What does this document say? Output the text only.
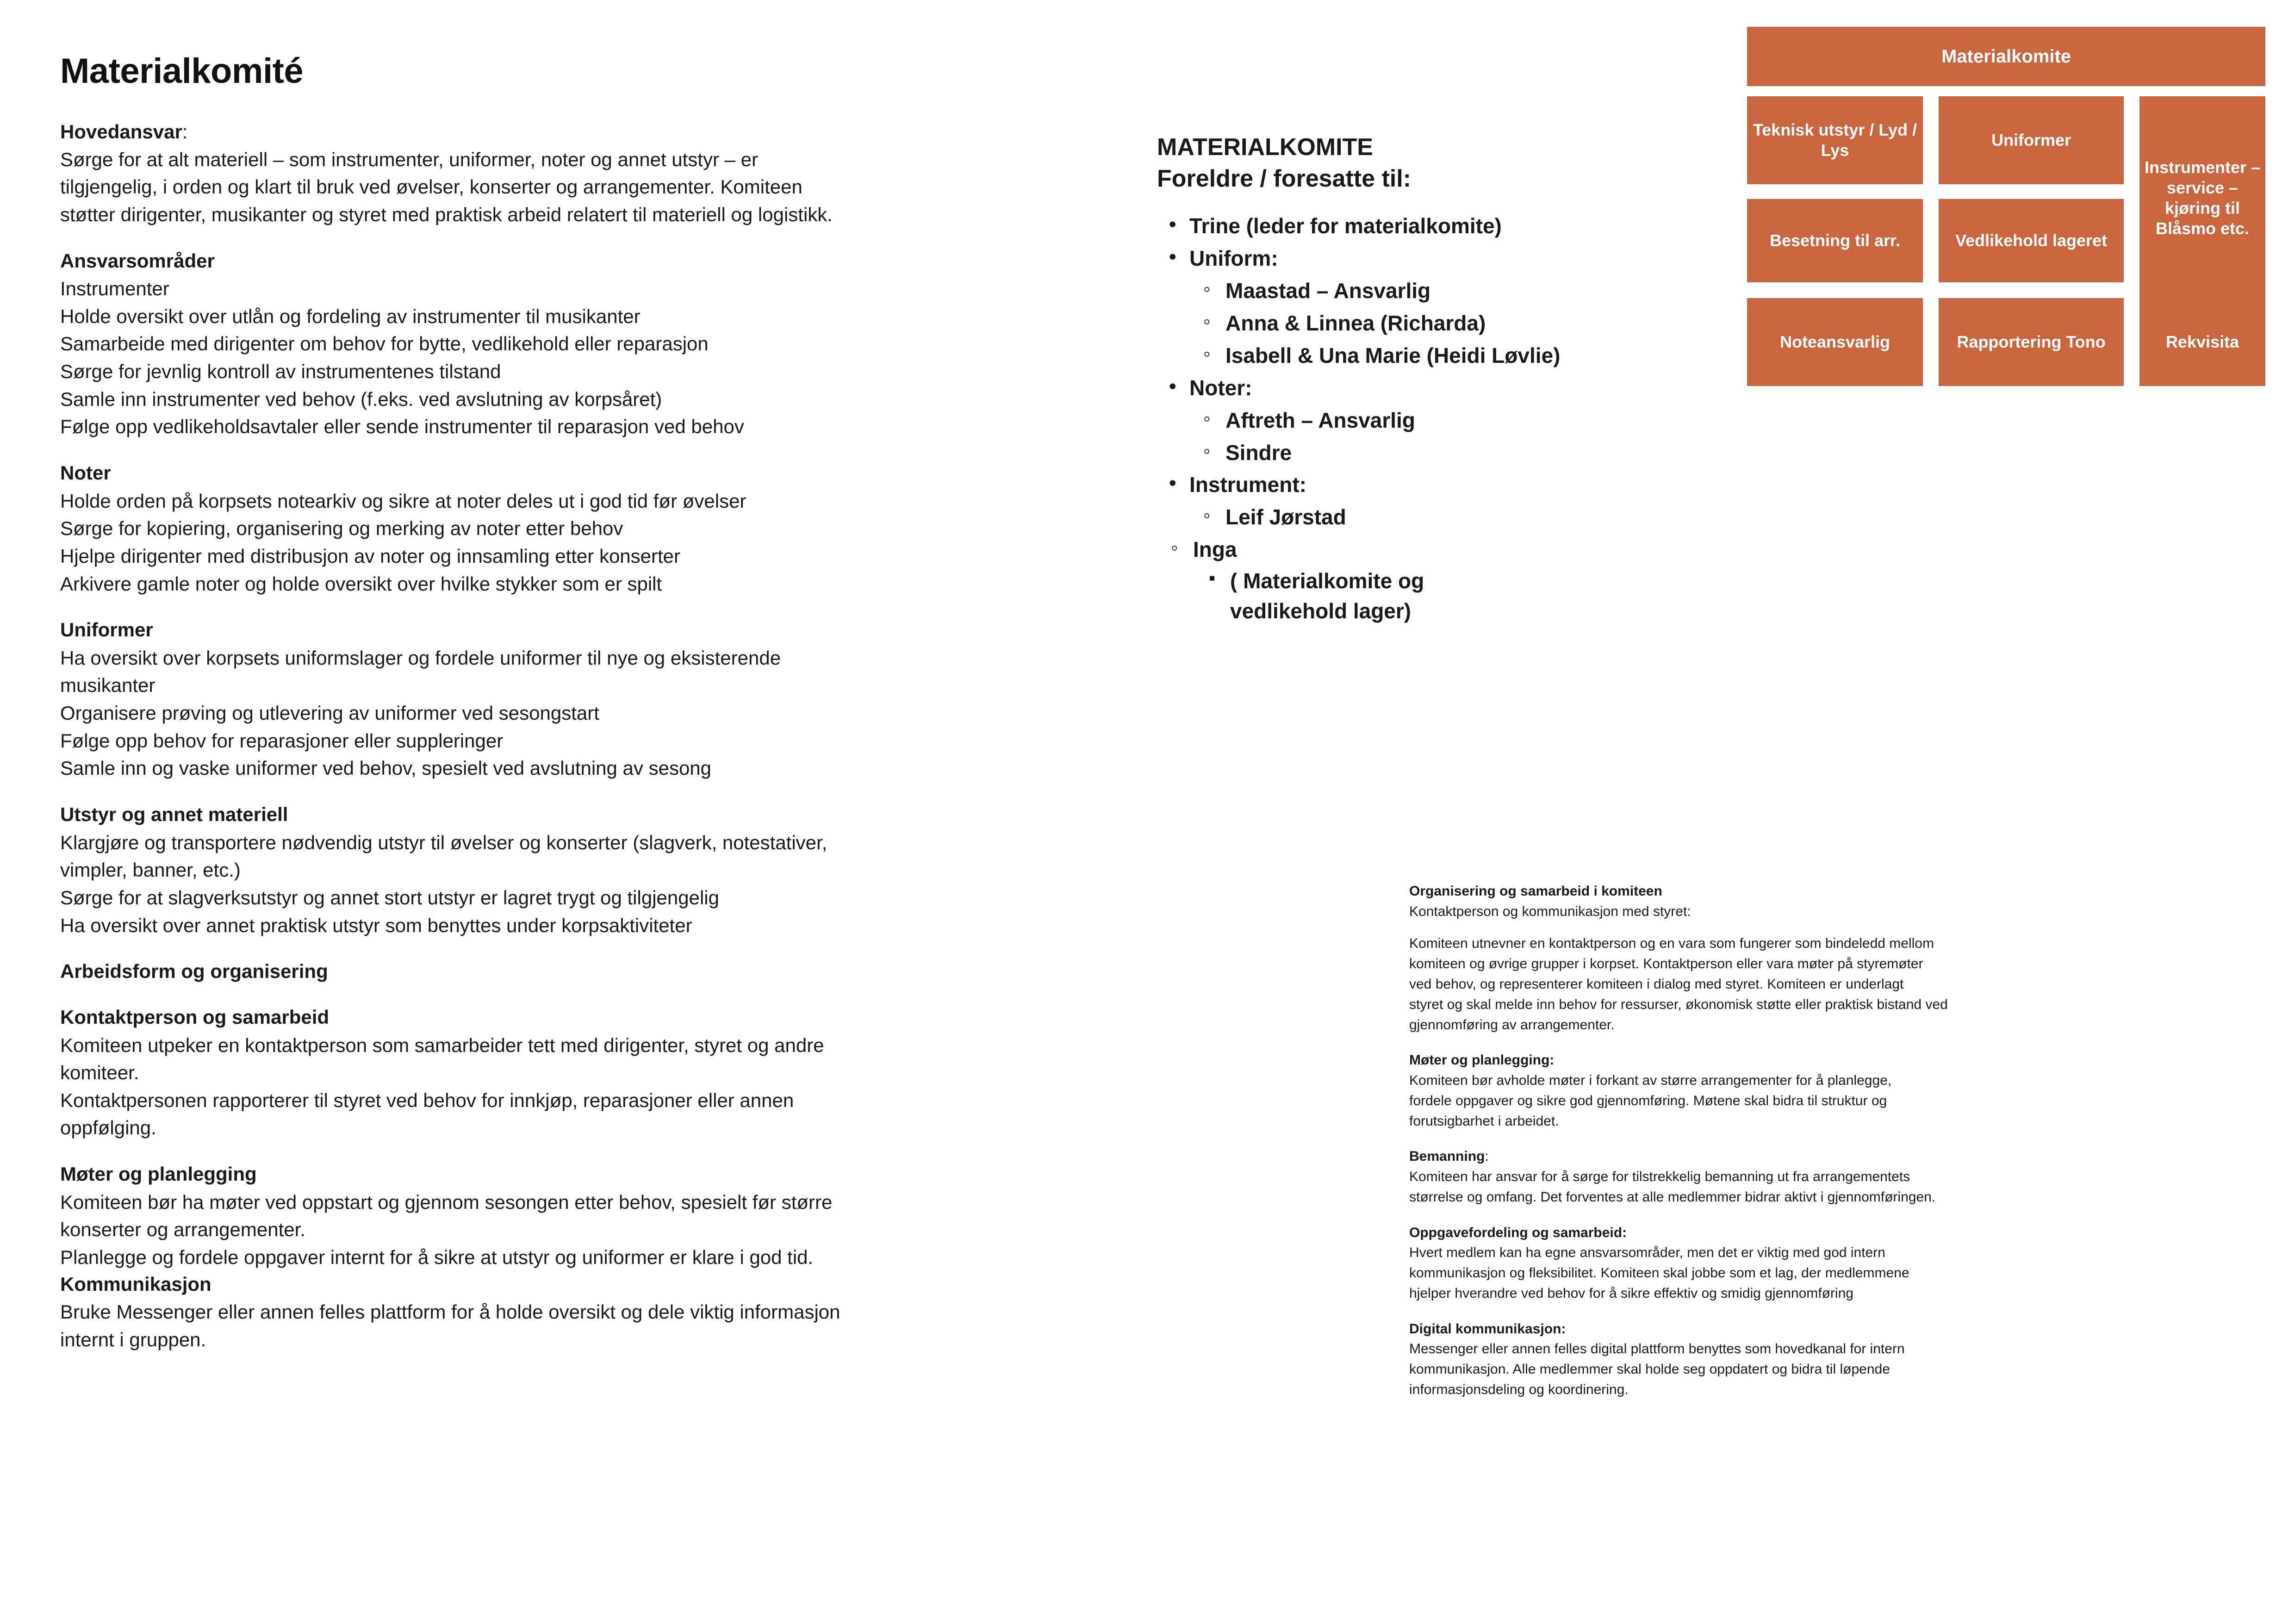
Materialkomité

Hovedansvar:

Sørge for at alt materiell – som instrumenter, uniformer, noter og annet utstyr – er

tilgjengelig, i orden og klart til bruk ved øvelser, konserter og arrangementer. Komiteen

støtter dirigenter, musikanter og styret med praktisk arbeid relatert til materiell og logistikk.

Ansvarsområder

Instrumenter

Holde oversikt over utlån og fordeling av instrumenter til musikanter

Samarbeide med dirigenter om behov for bytte, vedlikehold eller reparasjon

Sørge for jevnlig kontroll av instrumentenes tilstand

Samle inn instrumenter ved behov (f.eks. ved avslutning av korpsåret)

Følge opp vedlikeholdsavtaler eller sende instrumenter til reparasjon ved behov

Noter

Holde orden på korpsets notearkiv og sikre at noter deles ut i god tid før øvelser

Sørge for kopiering, organisering og merking av noter etter behov

Hjelpe dirigenter med distribusjon av noter og innsamling etter konserter

Arkivere gamle noter og holde oversikt over hvilke stykker som er spilt

Uniformer

Ha oversikt over korpsets uniformslager og fordele uniformer til nye og eksisterende

musikanter

Organisere prøving og utlevering av uniformer ved sesongstart

Følge opp behov for reparasjoner eller suppleringer

Samle inn og vaske uniformer ved behov, spesielt ved avslutning av sesong

Utstyr og annet materiell

Klargjøre og transportere nødvendig utstyr til øvelser og konserter (slagverk, notestativer,

vimpler, banner, etc.)

Sørge for at slagverksutstyr og annet stort utstyr er lagret trygt og tilgjengelig

Ha oversikt over annet praktisk utstyr som benyttes under korpsaktiviteter

Arbeidsform og organisering

Kontaktperson og samarbeid

Komiteen utpeker en kontaktperson som samarbeider tett med dirigenter, styret og andre

komiteer.

Kontaktpersonen rapporterer til styret ved behov for innkjøp, reparasjoner eller annen

oppfølging.

Møter og planlegging

Komiteen bør ha møter ved oppstart og gjennom sesongen etter behov, spesielt før større

konserter og arrangementer.

Planlegge og fordele oppgaver internt for å sikre at utstyr og uniformer er klare i god tid.

Kommunikasjon

Bruke Messenger eller annen felles plattform for å holde oversikt og dele viktig informasjon

internt i gruppen.

MATERIALKOMITE

Foreldre / foresatte til:

• Trine (leder for materialkomite)
• Uniform:
◦ Maastad – Ansvarlig
◦ Anna & Linnea (Richarda)
◦ Isabell & Una Marie (Heidi Løvlie)
• Noter:
◦ Aftreth – Ansvarlig
◦ Sindre
• Instrument:
◦ Leif Jørstad
◦ Inga
▪ ( Materialkomite og
vedlikehold lager)
Materialkomite
Teknisk utstyr / Lyd / Lys
Uniformer
Instrumenter – service – kjøring til Blåsmo etc.
Besetning til arr.	Vedlikehold lageret
Noteansvarlig	Rapportering Tono	Rekvisita

Organisering og samarbeid i komiteen

Kontaktperson og kommunikasjon med styret:

Komiteen utnevner en kontaktperson og en vara som fungerer som bindeledd mellom

komiteen og øvrige grupper i korpset. Kontaktperson eller vara møter på styremøter

ved behov, og representerer komiteen i dialog med styret. Komiteen er underlagt

styret og skal melde inn behov for ressurser, økonomisk støtte eller praktisk bistand ved

gjennomføring av arrangementer.

Møter og planlegging:

Komiteen bør avholde møter i forkant av større arrangementer for å planlegge,

fordele oppgaver og sikre god gjennomføring. Møtene skal bidra til struktur og

forutsigbarhet i arbeidet.

Bemanning:

Komiteen har ansvar for å sørge for tilstrekkelig bemanning ut fra arrangementets

størrelse og omfang. Det forventes at alle medlemmer bidrar aktivt i gjennomføringen.

Oppgavefordeling og samarbeid:

Hvert medlem kan ha egne ansvarsområder, men det er viktig med god intern

kommunikasjon og fleksibilitet. Komiteen skal jobbe som et lag, der medlemmene

hjelper hverandre ved behov for å sikre effektiv og smidig gjennomføring

Digital kommunikasjon:

Messenger eller annen felles digital plattform benyttes som hovedkanal for intern

kommunikasjon. Alle medlemmer skal holde seg oppdatert og bidra til løpende

informasjonsdeling og koordinering.
